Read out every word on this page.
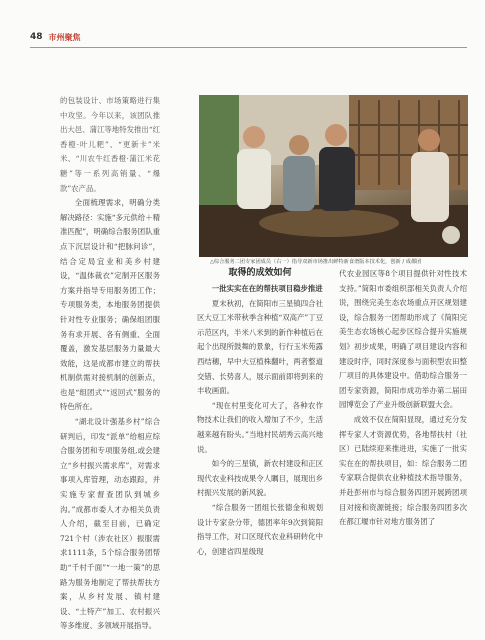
48 市州聚焦

的包装设计、市场策略进行集中攻坚。今年以来，该团队推出大邑、蒲江等地特发推出“红香橙·叶儿粑”、“更新卡”米米、“川农牛红香橙·蒲江米花糖”等一系列高销量、“爆款”农产品。

全面梳理需求，明确分类解决路径：实施“多元供给＋精准匹配”，明确综合服务团队重点下沉层设计和“把脉问诊”，结合定局宜业和美乡村建设，“温体裁衣”定制开区服务方案并指导专用服务团工作；专项服务类，本地服务团提供针对性专业服务；确保组团服务有求开展、各有侧重、全面覆盖，激发基层服务力量最大效能，这是成都市建立的帮扶机制供需对接机制的创新点，也是“组团式”“返回式”服务的特色所在。

“湖北设计强基乡村”综合研判后，印发“派单”给相应综合服务团和专项服务组,或会建立“乡村振兴需求库”，对需求事项入库管理，动态跟踪，并实施专家督查团队到城乡沟。”成都市委人才办相关负责人介绍，截至目前，已确定721个村（涉农社区）振服需求1111条，5个综合服务团帮助“千村千面”“一地一策”的思路为服务地制定了帮扶帮扶方案，从乡村发展、镇村建设、“土特产”加工、农村振兴等多维度、多领域开展指导。

△综合服务二团专家团成员（右一）指导双新市场推出鲜特新食谱版本技术化，创新 / 成都团
取得的成效如何

一批实实在在的帮扶项目稳步推进

夏末秋初，在简阳市三星镇四合社区大豆工米带秋季含种植“双高产”丁豆示范区内，半米八米到的新作种植后在起个出现所鼓舞的景象，行行玉米苑露西结穗，早中大豆植株翻叶，两者整道交错、长势喜人，展示面前即将到来的丰收画面。

“现在村里变化可大了，各种农作物技术让我们的收入增加了不少，生活越来越有盼头。”当地村民胡秀云高兴地说。

如今的三星镇，新农村建设和正区现代农业科技成果令人瞩目，展现出乡村振兴发展的新风貌。

“综合服务一团组长张德金和规划设计专家杂分带，德团率年9次到简阳指导工作，对口区现代农业科研转化中心，创建省四星级现

代农业园区等8个项目提供针对性技术支持。”简阳市委组织部相关负责人介绍说，围绕完美生态农场重点开区规划建设，综合服务一团帮助形成了《简阳完美生态农场核心起步区综合提升实施规划》初步成果，明确了项目建设内容和建设时序，同时深度参与面积型农田整厂项目的具体建设中。借助综合服务一团专家资源，简阳市成功举办第二届田园博览会了产业升级创新联盟大会。

成效不仅在简阳显现，通过充分发挥专家人才资源优势，各地帮扶村（社区）已陆续迎来推进进，实施了一批实实在在的帮扶项目，如：综合服务二团专家联合提供农业种植技术指导服务，并赴彭州市与综合服务四团开展跨团项目对接和资源链接；综合服务四团多次在都江堰市针对地方服务团了
